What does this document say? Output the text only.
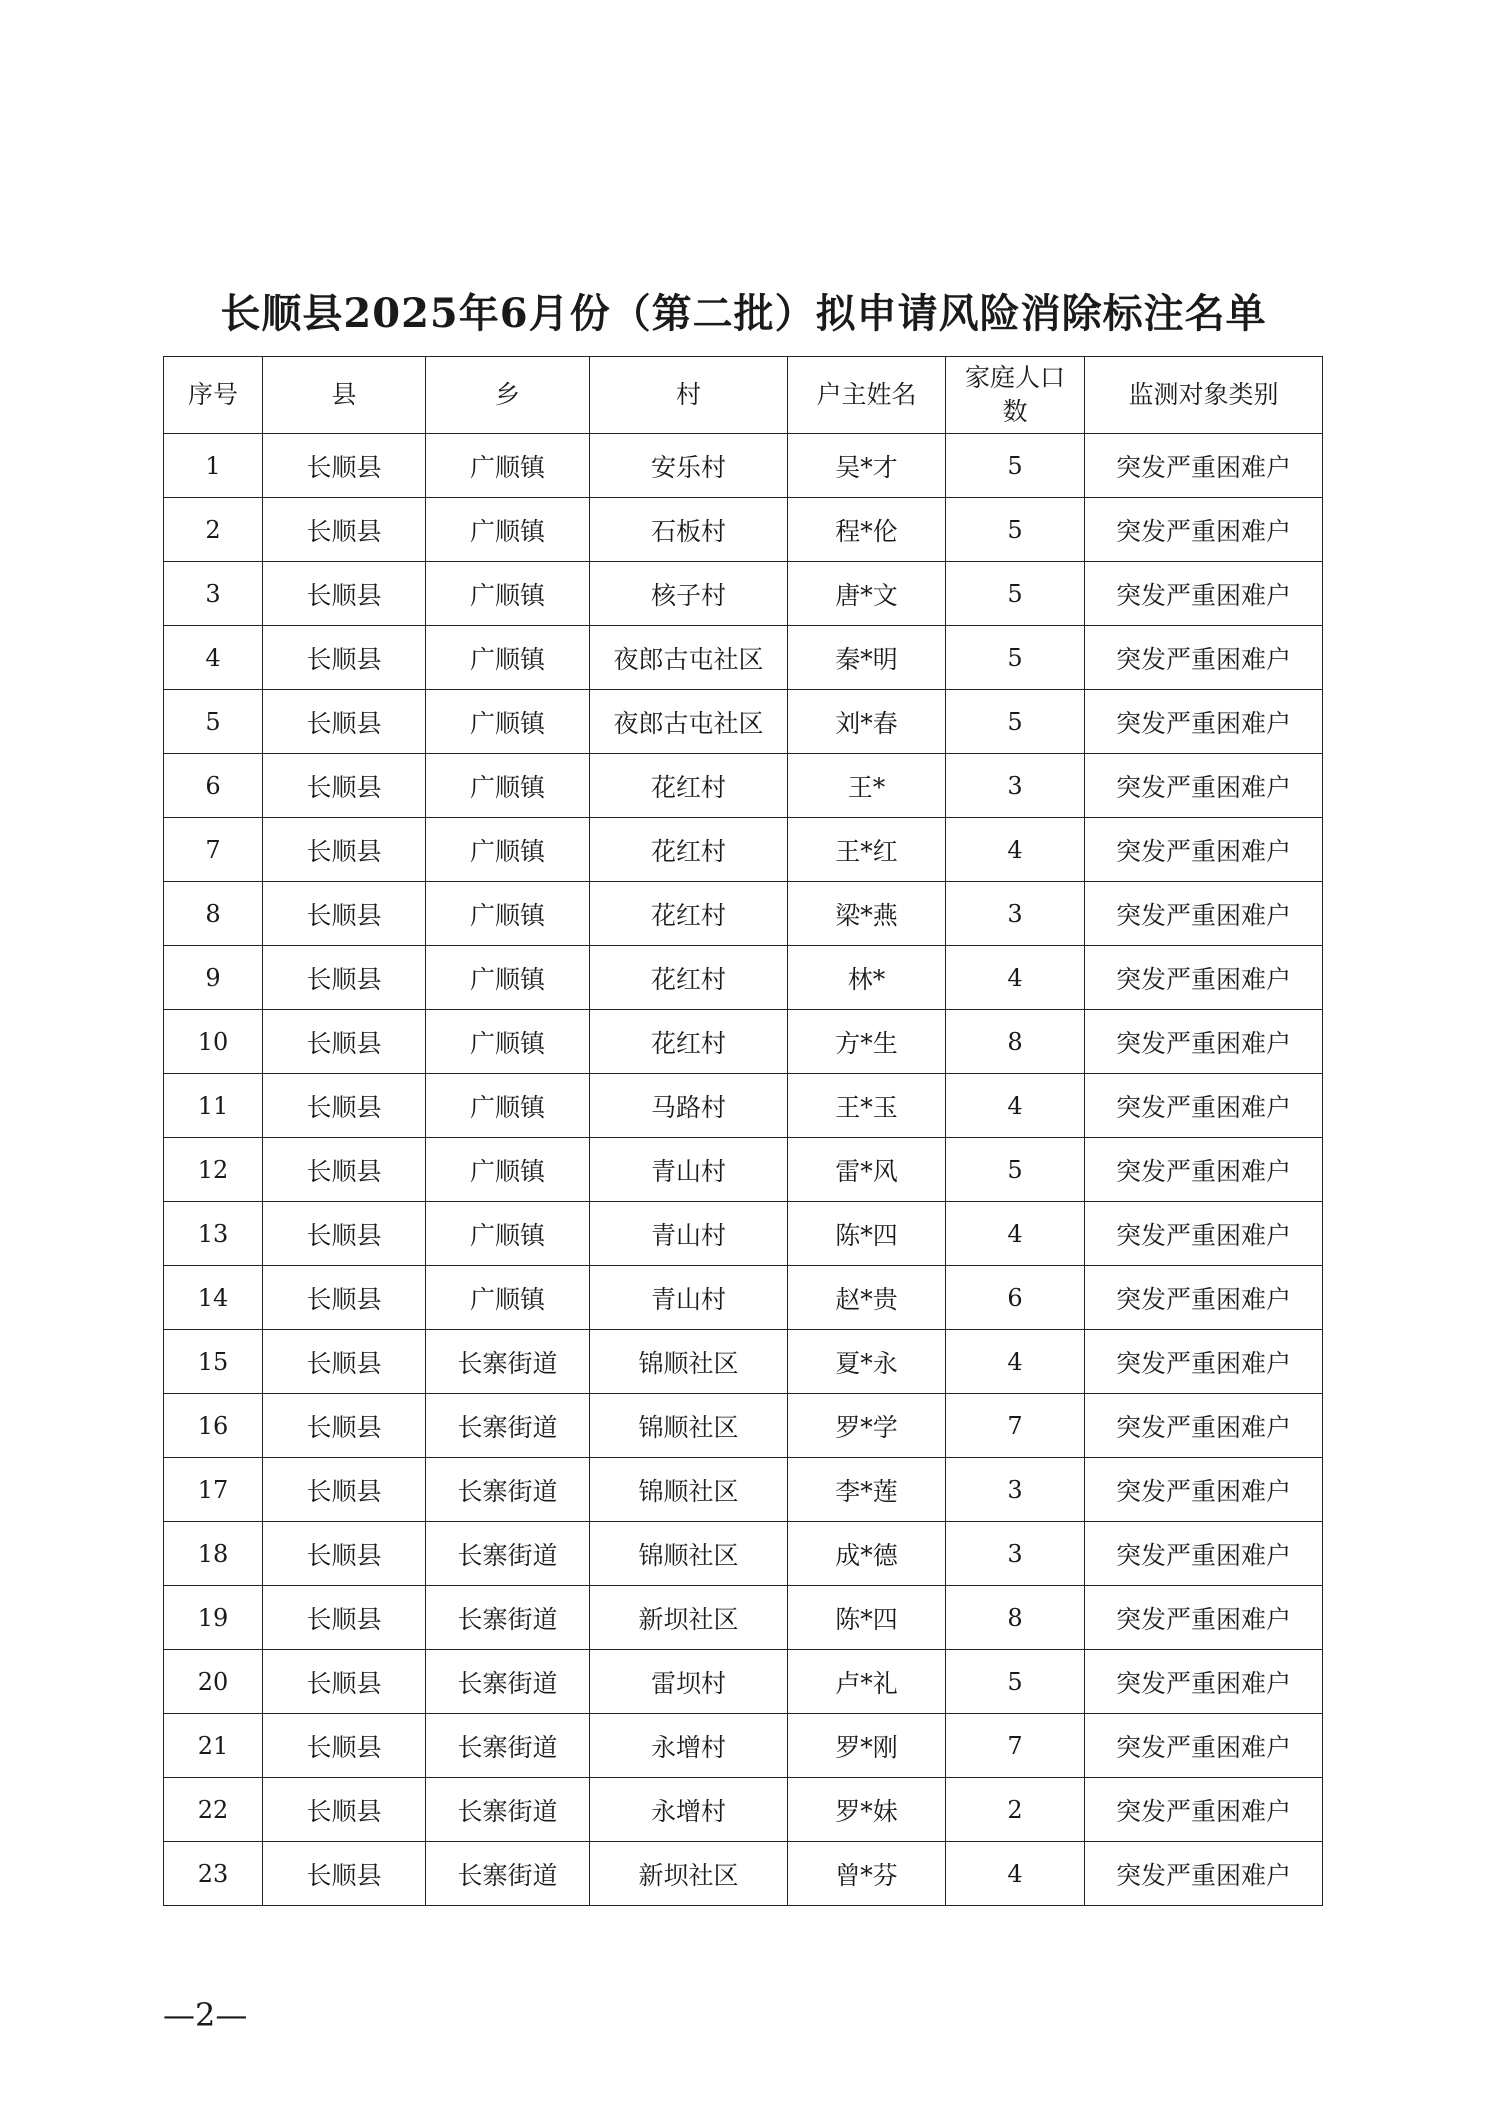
长顺县2025年6月份（第二批）拟申请风险消除标注名单
序号	县	乡	村	户主姓名	家庭人口数	监测对象类别
1	长顺县	广顺镇	安乐村	吴*才	5	突发严重困难户
2	长顺县	广顺镇	石板村	程*伦	5	突发严重困难户
3	长顺县	广顺镇	核子村	唐*文	5	突发严重困难户
4	长顺县	广顺镇	夜郎古屯社区	秦*明	5	突发严重困难户
5	长顺县	广顺镇	夜郎古屯社区	刘*春	5	突发严重困难户
6	长顺县	广顺镇	花红村	王*	3	突发严重困难户
7	长顺县	广顺镇	花红村	王*红	4	突发严重困难户
8	长顺县	广顺镇	花红村	梁*燕	3	突发严重困难户
9	长顺县	广顺镇	花红村	林*	4	突发严重困难户
10	长顺县	广顺镇	花红村	方*生	8	突发严重困难户
11	长顺县	广顺镇	马路村	王*玉	4	突发严重困难户
12	长顺县	广顺镇	青山村	雷*风	5	突发严重困难户
13	长顺县	广顺镇	青山村	陈*四	4	突发严重困难户
14	长顺县	广顺镇	青山村	赵*贵	6	突发严重困难户
15	长顺县	长寨街道	锦顺社区	夏*永	4	突发严重困难户
16	长顺县	长寨街道	锦顺社区	罗*学	7	突发严重困难户
17	长顺县	长寨街道	锦顺社区	李*莲	3	突发严重困难户
18	长顺县	长寨街道	锦顺社区	成*德	3	突发严重困难户
19	长顺县	长寨街道	新坝社区	陈*四	8	突发严重困难户
20	长顺县	长寨街道	雷坝村	卢*礼	5	突发严重困难户
21	长顺县	长寨街道	永增村	罗*刚	7	突发严重困难户
22	长顺县	长寨街道	永增村	罗*妹	2	突发严重困难户
23	长顺县	长寨街道	新坝社区	曾*芬	4	突发严重困难户
—2—
